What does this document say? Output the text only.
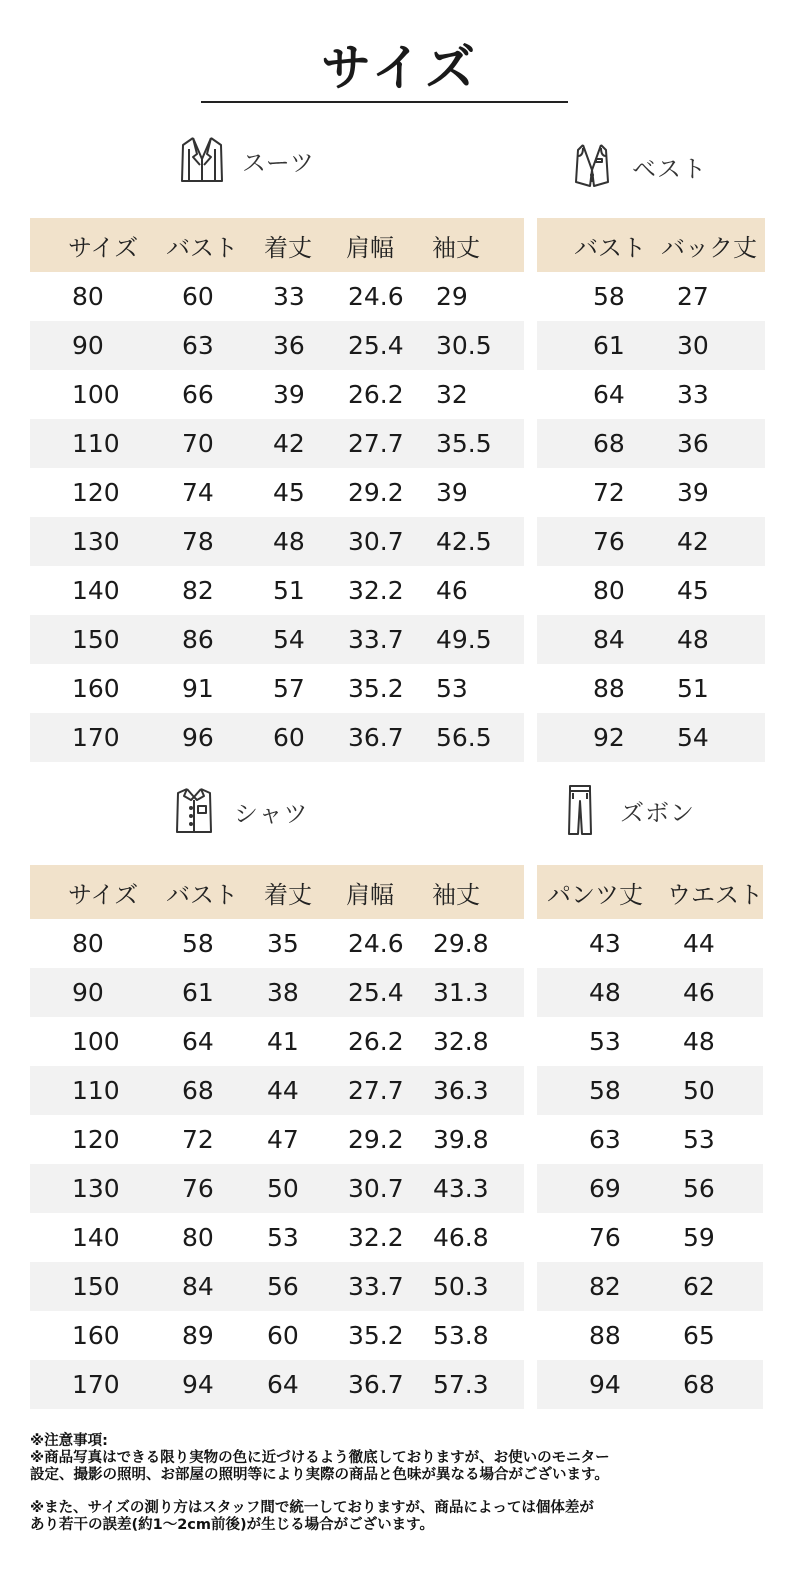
サイズ
スーツ	ベスト
シャツ	ズボン
サイズ バスト 着丈 肩幅 袖丈
80	60 33 24.6 29
90	63 36 25.4 30.5
100 66 39 26.2 32
110 70 42 27.7 35.5
120 74 45 29.2 39
130 78 48 30.7 42.5
140 82 51 32.2 46
150 86 54 33.7 49.5
160 91 57 35.2 53
170 96 60 36.7 56.5
バスト バック丈
58 27
61 30
64 33
68 36
72 39
76 42
80 45
84 48
88 51
92 54
サイズ バスト 着丈 肩幅 袖丈
80	58 35 24.6 29.8
90	61 38 25.4 31.3
100 64 41 26.2 32.8
110 68 44 27.7 36.3
120 72 47 29.2 39.8
130 76 50 30.7 43.3
140 80 53 32.2 46.8
150 84 56 33.7 50.3
160 89 60 35.2 53.8
170 94 64 36.7 57.3
パンツ丈 ウエスト
43 44
48 46
53 48
58 50
63 53
69 56
76 59
82 62
88 65
94 68

※注意事項:

※商品写真はできる限り実物の色に近づけるよう徹底しておりますが、お使いのモニター

設定、撮影の照明、お部屋の照明等により実際の商品と色味が異なる場合がございます。

※また、サイズの測り方はスタッフ間で統一しておりますが、商品によっては個体差が

あり若干の誤差(約1～2cm前後)が生じる場合がございます。
